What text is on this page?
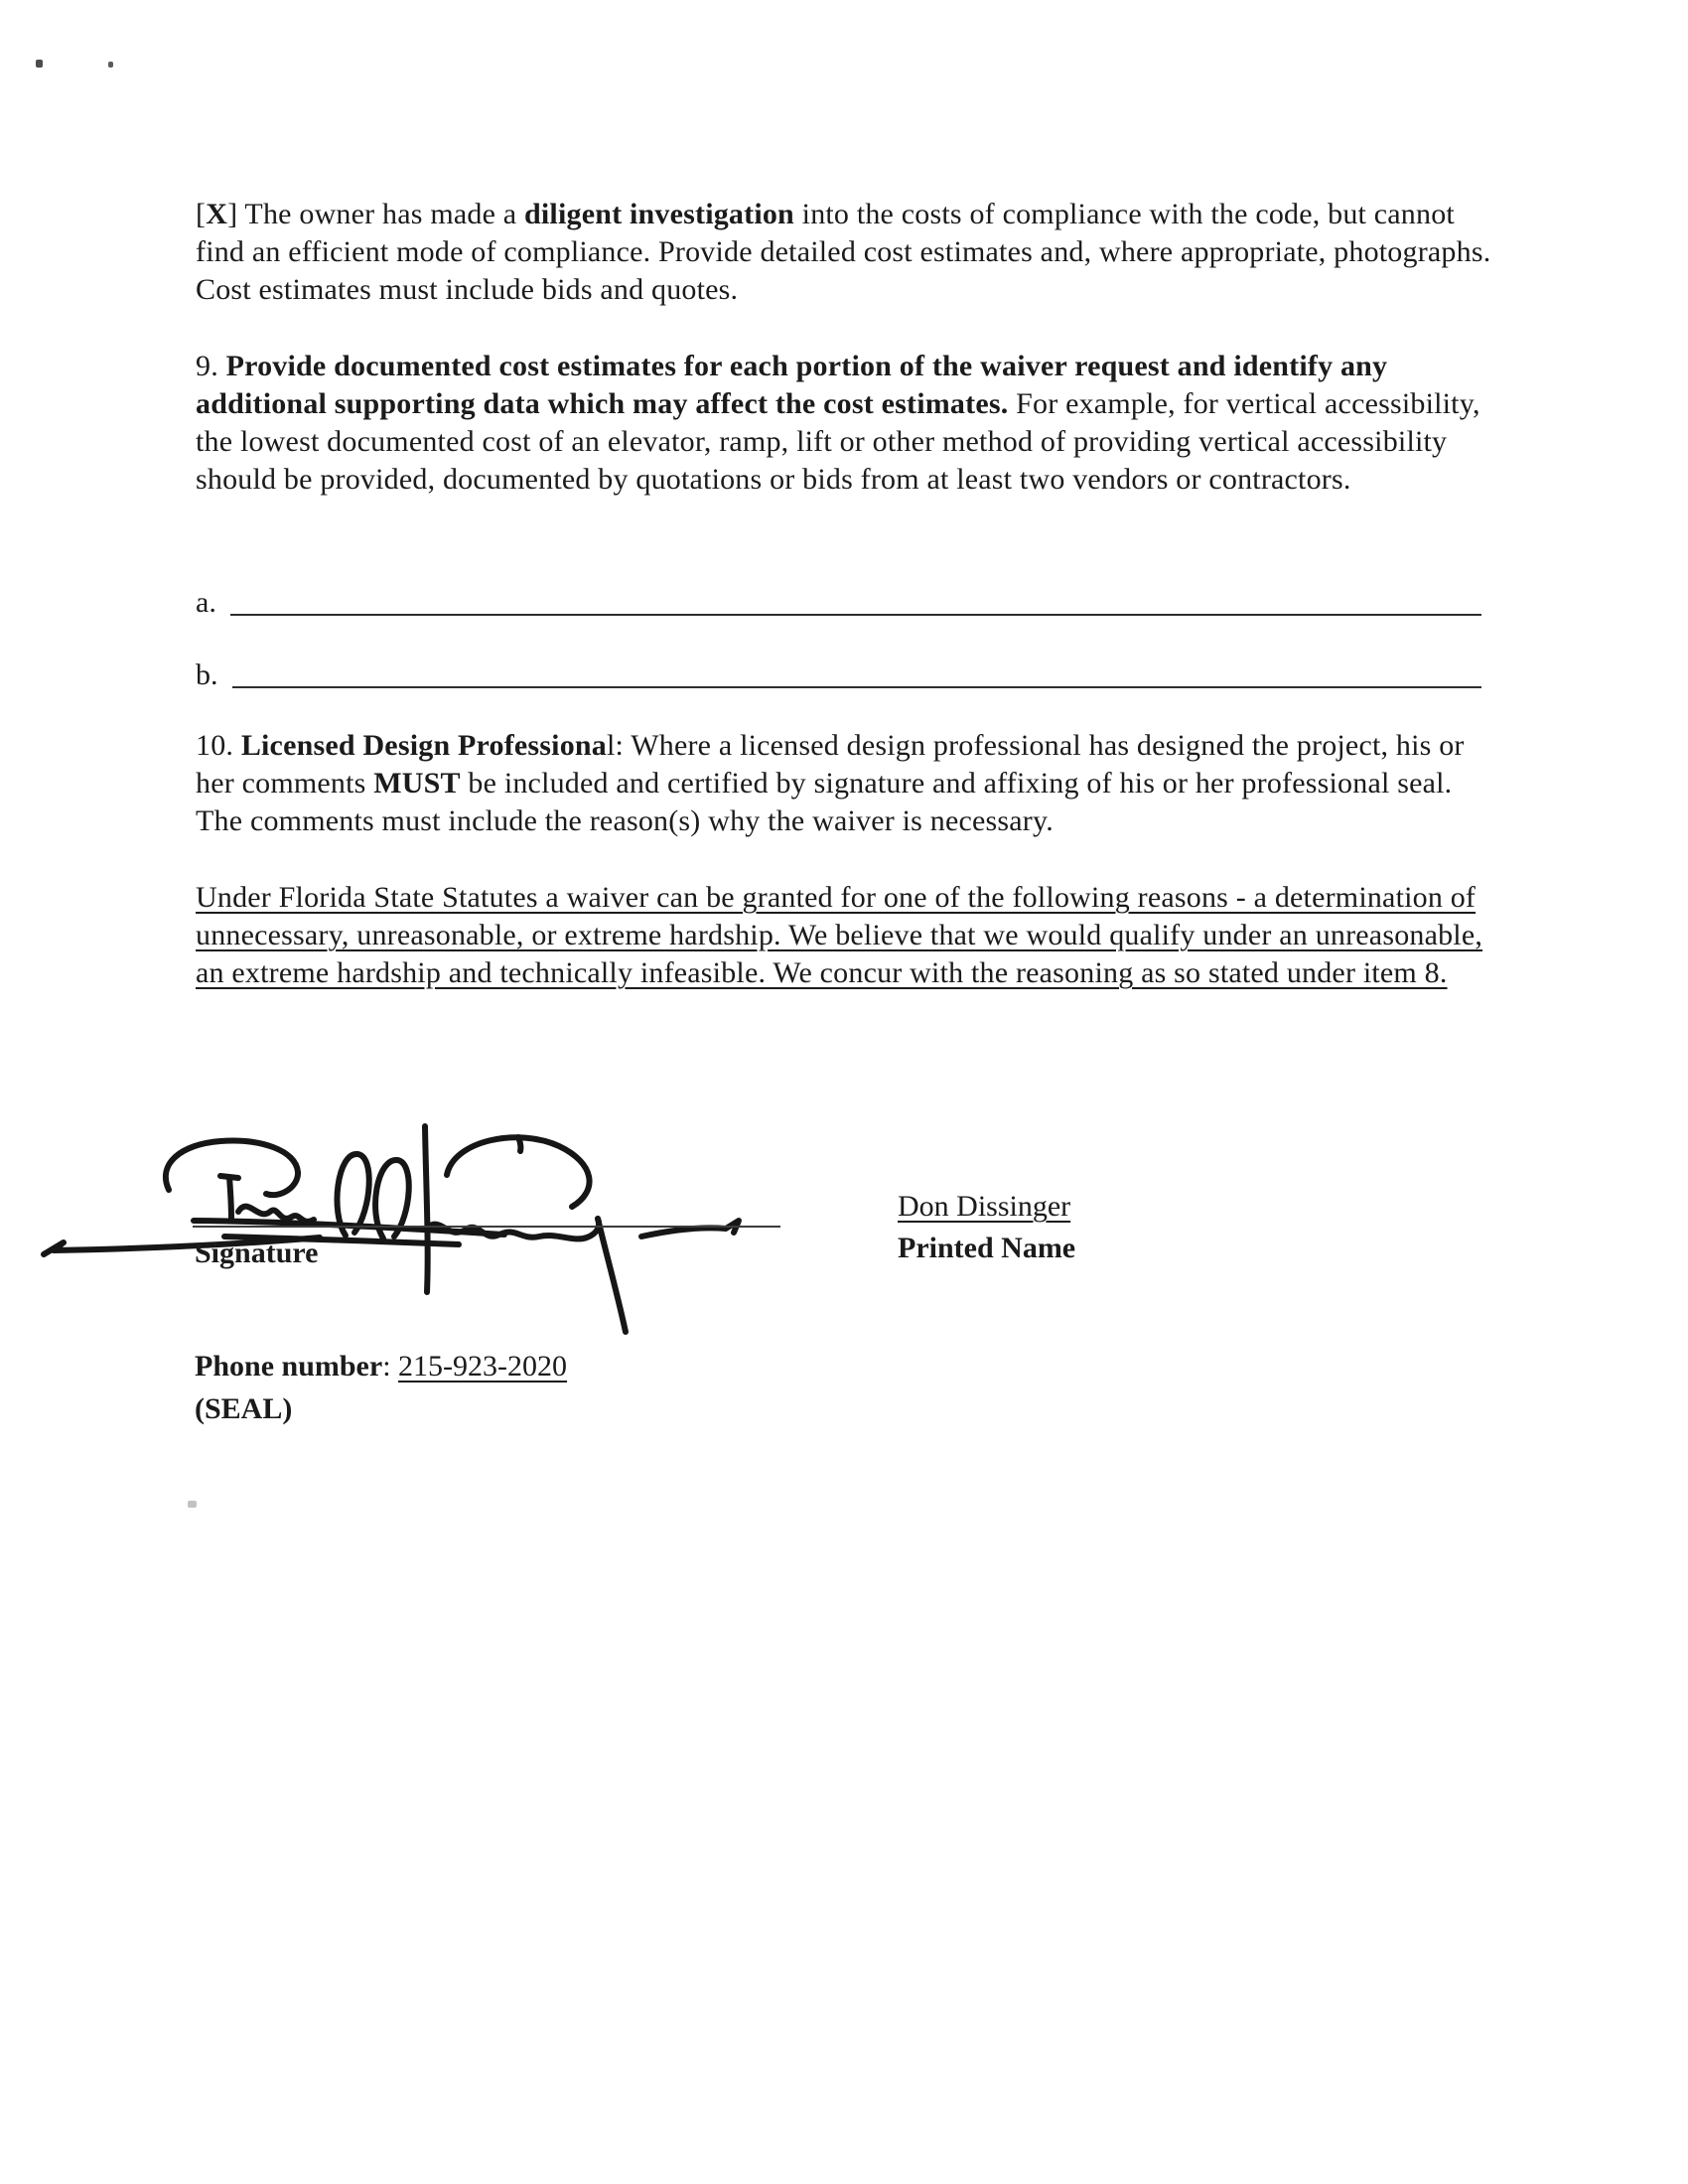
[X] The owner has made a diligent investigation into the costs of compliance with the code, but cannot find an efficient mode of compliance. Provide detailed cost estimates and, where appropriate, photographs. Cost estimates must include bids and quotes.

9. Provide documented cost estimates for each portion of the waiver request and identify any additional supporting data which may affect the cost estimates. For example, for vertical accessibility, the lowest documented cost of an elevator, ramp, lift or other method of providing vertical accessibility should be provided, documented by quotations or bids from at least two vendors or contractors.

a.
b.

10. Licensed Design Professional: Where a licensed design professional has designed the project, his or her comments MUST be included and certified by signature and affixing of his or her professional seal. The comments must include the reason(s) why the waiver is necessary.

Under Florida State Statutes a waiver can be granted for one of the following reasons - a determination of unnecessary, unreasonable, or extreme hardship. We believe that we would qualify under an unreasonable, an extreme hardship and technically infeasible. We concur with the reasoning as so stated under item 8.

Signature

Don Dissinger

Printed Name

Phone number: 215-923-2020

(SEAL)
